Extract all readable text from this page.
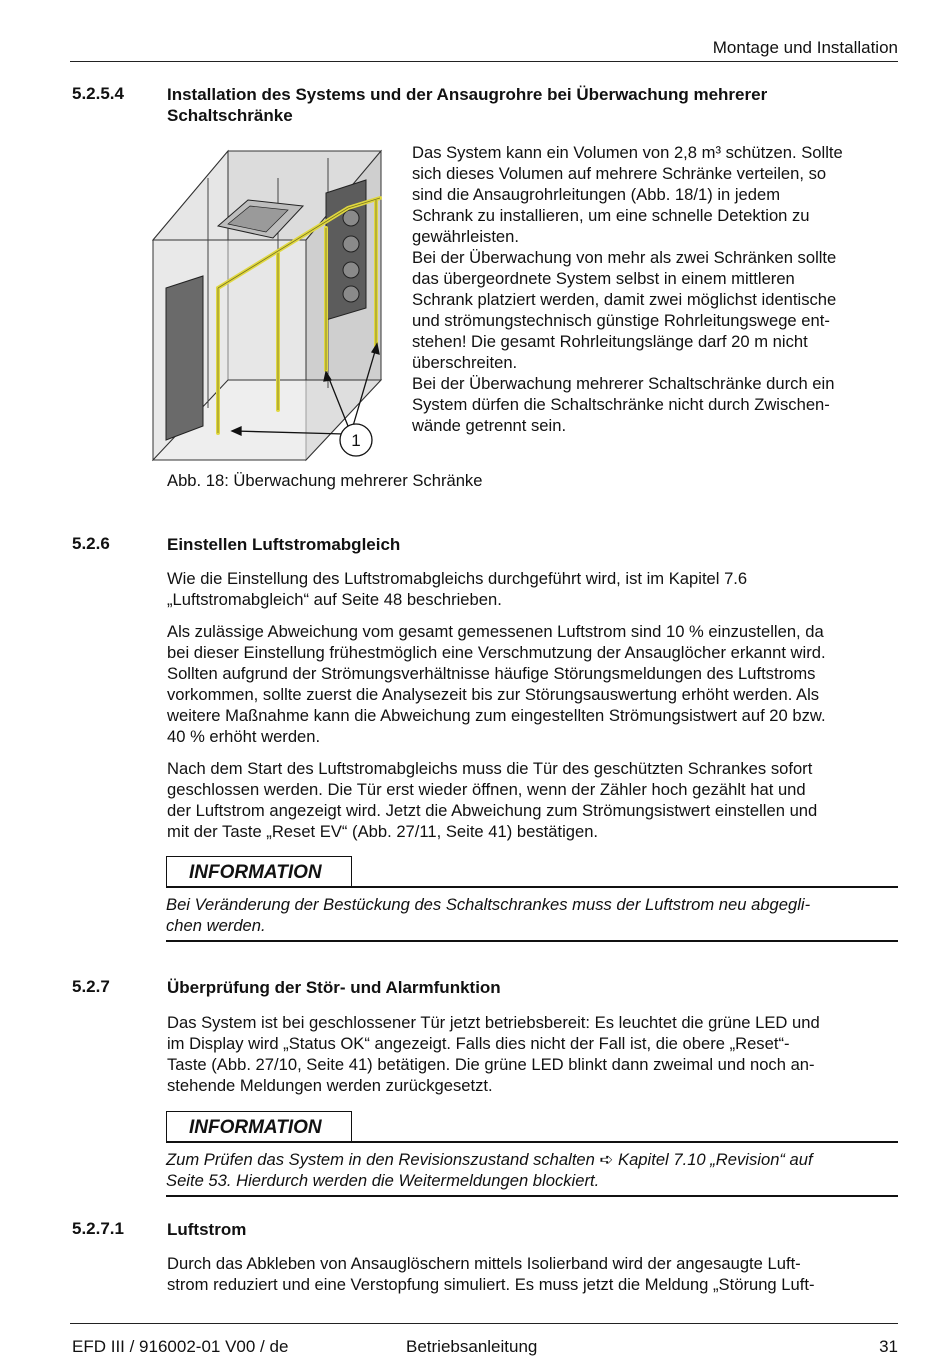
Montage und Installation
5.2.5.4	Installation des Systems und der Ansaugrohre bei Überwachung mehrerer
Schaltschränke
1
Abb. 18: Überwachung mehrerer Schränke

Das System kann ein Volumen von 2,8 m³ schützen. Sollte
sich dieses Volumen auf mehrere Schränke verteilen, so
sind die Ansaugrohrleitungen (Abb. 18/1) in jedem
Schrank zu installieren, um eine schnelle Detektion zu
gewährleisten.

Bei der Überwachung von mehr als zwei Schränken sollte
das übergeordnete System selbst in einem mittleren
Schrank platziert werden, damit zwei möglichst identische
und strömungstechnisch günstige Rohrleitungswege ent-
stehen! Die gesamt Rohrleitungslänge darf 20 m nicht
überschreiten.

Bei der Überwachung mehrerer Schaltschränke durch ein
System dürfen die Schaltschränke nicht durch Zwischen-
wände getrennt sein.

5.2.6	Einstellen Luftstromabgleich
Wie die Einstellung des Luftstromabgleichs durchgeführt wird, ist im Kapitel 7.6
„Luftstromabgleich“ auf Seite 48 beschrieben.
Als zulässige Abweichung vom gesamt gemessenen Luftstrom sind 10 % einzustellen, da
bei dieser Einstellung frühestmöglich eine Verschmutzung der Ansauglöcher erkannt wird.
Sollten aufgrund der Strömungsverhältnisse häufige Störungsmeldungen des Luftstroms
vorkommen, sollte zuerst die Analysezeit bis zur Störungsauswertung erhöht werden. Als
weitere Maßnahme kann die Abweichung zum eingestellten Strömungsistwert auf 20 bzw.
40 % erhöht werden.
Nach dem Start des Luftstromabgleichs muss die Tür des geschützten Schrankes sofort
geschlossen werden. Die Tür erst wieder öffnen, wenn der Zähler hoch gezählt hat und
der Luftstrom angezeigt wird. Jetzt die Abweichung zum Strömungsistwert einstellen und
mit der Taste „Reset EV“ (Abb. 27/11, Seite 41) bestätigen.
INFORMATION
Bei Veränderung der Bestückung des Schaltschrankes muss der Luftstrom neu abgegli-
chen werden.
5.2.7	Überprüfung der Stör- und Alarmfunktion
Das System ist bei geschlossener Tür jetzt betriebsbereit: Es leuchtet die grüne LED und
im Display wird „Status OK“ angezeigt. Falls dies nicht der Fall ist, die obere „Reset“-
Taste (Abb. 27/10, Seite 41) betätigen. Die grüne LED blinkt dann zweimal und noch an-
stehende Meldungen werden zurückgesetzt.
INFORMATION
Zum Prüfen das System in den Revisionszustand schalten ➪ Kapitel 7.10 „Revision“ auf
Seite 53. Hierdurch werden die Weitermeldungen blockiert.
5.2.7.1	Luftstrom
Durch das Abkleben von Ansauglöschern mittels Isolierband wird der angesaugte Luft-
strom reduziert und eine Verstopfung simuliert. Es muss jetzt die Meldung „Störung Luft-
EFD III / 916002-01 V00 / de	Betriebsanleitung	31
